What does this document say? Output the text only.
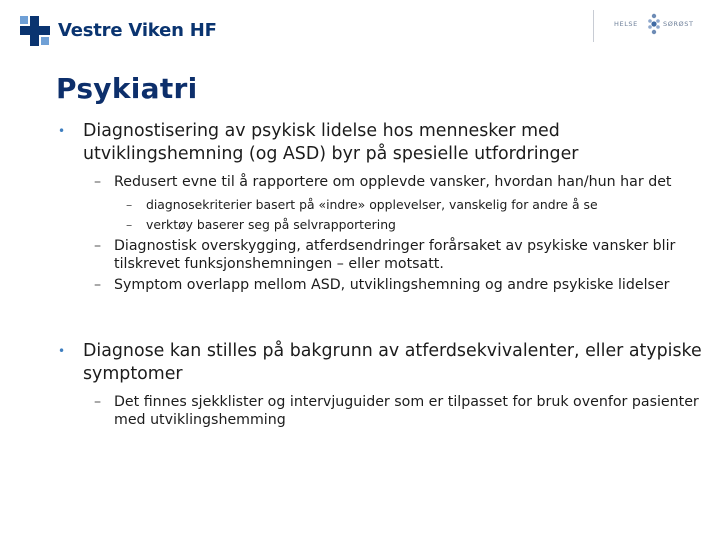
Vestre Viken HF	HELSE	SØRØST
Psykiatri
• Diagnostisering av psykisk lidelse hos mennesker med utviklingshemning (og ASD) byr på spesielle utfordringer
– Redusert evne til å rapportere om opplevde vansker, hvordan han/hun har det
– diagnosekriterier basert på «indre» opplevelser, vanskelig for andre å se
– verktøy baserer seg på selvrapportering
– Diagnostisk overskygging, atferdsendringer forårsaket av psykiske vansker blir tilskrevet funksjonshemningen – eller motsatt.
– Symptom overlapp mellom ASD, utviklingshemning og andre psykiske lidelser
• Diagnose kan stilles på bakgrunn av atferdsekvivalenter, eller atypiske symptomer
– Det finnes sjekklister og intervjuguider som er tilpasset for bruk ovenfor pasienter med utviklingshemming
